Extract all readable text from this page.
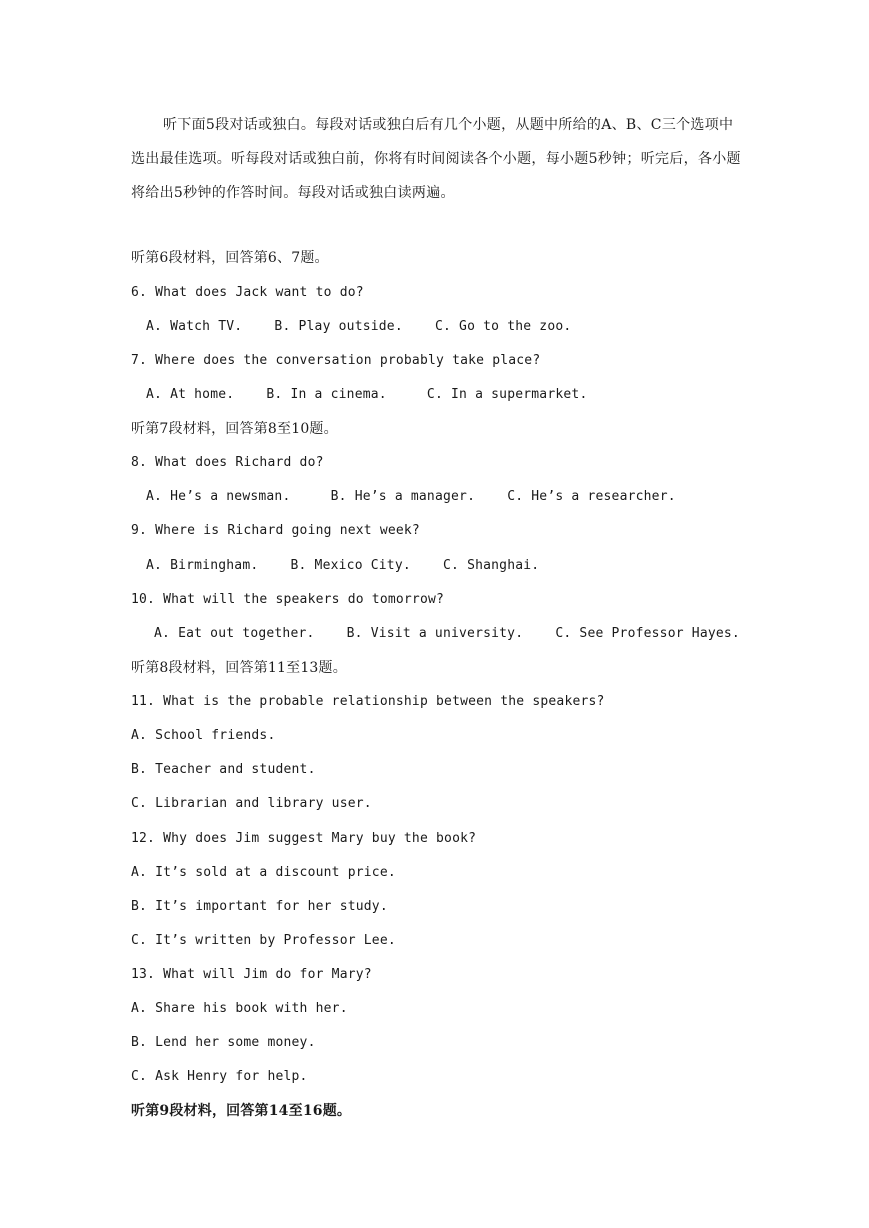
听下面5段对话或独白。每段对话或独白后有几个小题，从题中所给的A、B、C三个选项中选出最佳选项。听每段对话或独白前，你将有时间阅读各个小题，每小题5秒钟；听完后，各小题将给出5秒钟的作答时间。每段对话或独白读两遍。
听第6段材料，回答第6、7题。
6. What does Jack want to do?
A. Watch TV.    B. Play outside.    C. Go to the zoo.
7. Where does the conversation probably take place?
A. At home.    B. In a cinema.     C. In a supermarket.
听第7段材料，回答第8至10题。
8. What does Richard do?
A. He’s a newsman.     B. He’s a manager.    C. He’s a researcher.
9. Where is Richard going next week?
A. Birmingham.    B. Mexico City.    C. Shanghai.
10. What will the speakers do tomorrow?
A. Eat out together.    B. Visit a university.    C. See Professor Hayes.
听第8段材料，回答第11至13题。
11. What is the probable relationship between the speakers?
A. School friends.
B. Teacher and student.
C. Librarian and library user.
12. Why does Jim suggest Mary buy the book?
A. It’s sold at a discount price.
B. It’s important for her study.
C. It’s written by Professor Lee.
13. What will Jim do for Mary?
A. Share his book with her.
B. Lend her some money.
C. Ask Henry for help.
听第9段材料，回答第14至16题。
